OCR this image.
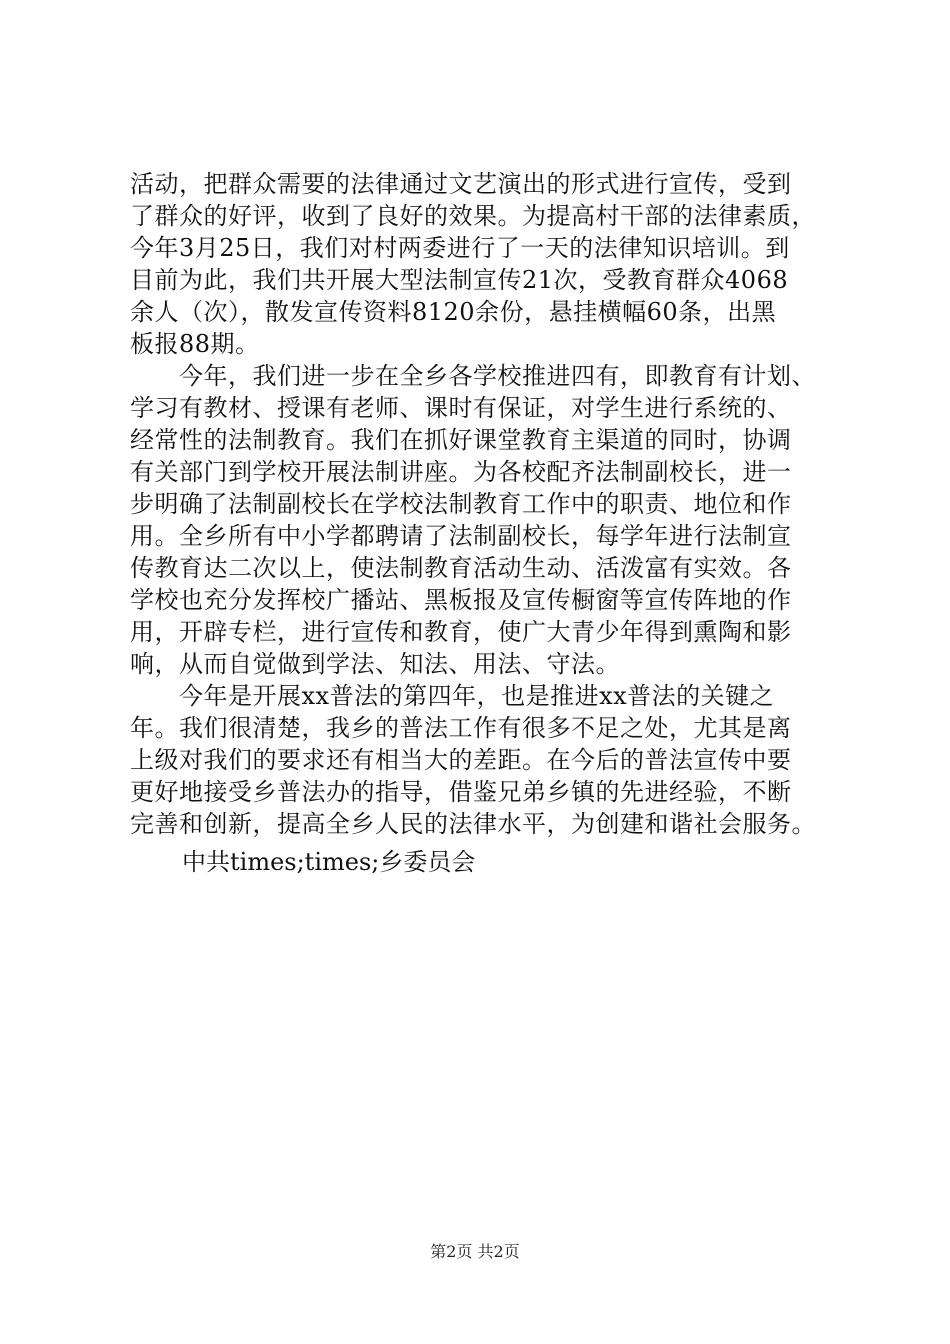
活动，把群众需要的法律通过文艺演出的形式进行宣传，受到
了群众的好评，收到了良好的效果。为提高村干部的法律素质，
今年3月25日，我们对村两委进行了一天的法律知识培训。到
目前为此，我们共开展大型法制宣传21次，受教育群众4068
余人（次），散发宣传资料8120余份，悬挂横幅60条，出黑
板报88期。
　　今年，我们进一步在全乡各学校推进四有，即教育有计划、
学习有教材、授课有老师、课时有保证，对学生进行系统的、
经常性的法制教育。我们在抓好课堂教育主渠道的同时，协调
有关部门到学校开展法制讲座。为各校配齐法制副校长，进一
步明确了法制副校长在学校法制教育工作中的职责、地位和作
用。全乡所有中小学都聘请了法制副校长，每学年进行法制宣
传教育达二次以上，使法制教育活动生动、活泼富有实效。各
学校也充分发挥校广播站、黑板报及宣传橱窗等宣传阵地的作
用，开辟专栏，进行宣传和教育，使广大青少年得到熏陶和影
响，从而自觉做到学法、知法、用法、守法。
　　今年是开展xx普法的第四年，也是推进xx普法的关键之
年。我们很清楚，我乡的普法工作有很多不足之处，尤其是离
上级对我们的要求还有相当大的差距。在今后的普法宣传中要
更好地接受乡普法办的指导，借鉴兄弟乡镇的先进经验，不断
完善和创新，提高全乡人民的法律水平，为创建和谐社会服务。
中共times;times;乡委员会
第2页 共2页
